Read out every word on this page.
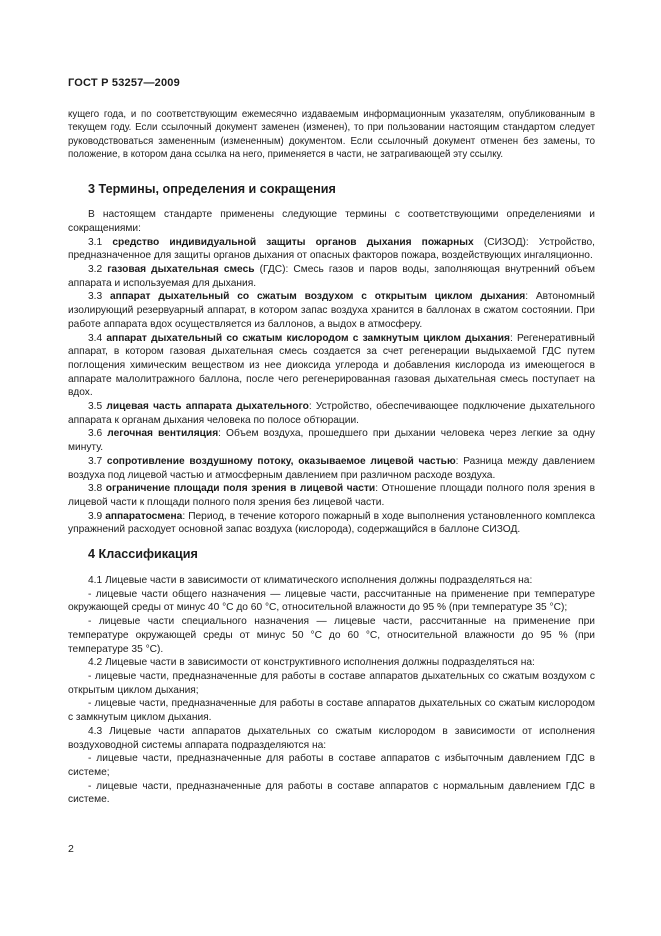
ГОСТ Р 53257—2009

кущего года, и по соответствующим ежемесячно издаваемым информационным указателям, опубликованным в текущем году. Если ссылочный документ заменен (изменен), то при пользовании настоящим стандартом следует руководствоваться замененным (измененным) документом. Если ссылочный документ отменен без замены, то положение, в котором дана ссылка на него, применяется в части, не затрагивающей эту ссылку.

3 Термины, определения и сокращения

В настоящем стандарте применены следующие термины с соответствующими определениями и сокращениями:

3.1 средство индивидуальной защиты органов дыхания пожарных (СИЗОД): Устройство, предназначенное для защиты органов дыхания от опасных факторов пожара, воздействующих ингаляционно.

3.2 газовая дыхательная смесь (ГДС): Смесь газов и паров воды, заполняющая внутренний объем аппарата и используемая для дыхания.

3.3 аппарат дыхательный со сжатым воздухом с открытым циклом дыхания: Автономный изолирующий резервуарный аппарат, в котором запас воздуха хранится в баллонах в сжатом состоянии. При работе аппарата вдох осуществляется из баллонов, а выдох в атмосферу.

3.4 аппарат дыхательный со сжатым кислородом с замкнутым циклом дыхания: Регенеративный аппарат, в котором газовая дыхательная смесь создается за счет регенерации выдыхаемой ГДС путем поглощения химическим веществом из нее диоксида углерода и добавления кислорода из имеющегося в аппарате малолитражного баллона, после чего регенерированная газовая дыхательная смесь поступает на вдох.

3.5 лицевая часть аппарата дыхательного: Устройство, обеспечивающее подключение дыхательного аппарата к органам дыхания человека по полосе обтюрации.

3.6 легочная вентиляция: Объем воздуха, прошедшего при дыхании человека через легкие за одну минуту.

3.7 сопротивление воздушному потоку, оказываемое лицевой частью: Разница между давлением воздуха под лицевой частью и атмосферным давлением при различном расходе воздуха.

3.8 ограничение площади поля зрения в лицевой части: Отношение площади полного поля зрения в лицевой части к площади полного поля зрения без лицевой части.

3.9 аппаратосмена: Период, в течение которого пожарный в ходе выполнения установленного комплекса упражнений расходует основной запас воздуха (кислорода), содержащийся в баллоне СИЗОД.

4 Классификация

4.1 Лицевые части в зависимости от климатического исполнения должны подразделяться на:

- лицевые части общего назначения — лицевые части, рассчитанные на применение при температуре окружающей среды от минус 40 °С до 60 °С, относительной влажности до 95 % (при температуре 35 °С);

- лицевые части специального назначения — лицевые части, рассчитанные на применение при температуре окружающей среды от минус 50 °С до 60 °С, относительной влажности до 95 % (при температуре 35 °С).

4.2 Лицевые части в зависимости от конструктивного исполнения должны подразделяться на:

- лицевые части, предназначенные для работы в составе аппаратов дыхательных со сжатым воздухом с открытым циклом дыхания;

- лицевые части, предназначенные для работы в составе аппаратов дыхательных со сжатым кислородом с замкнутым циклом дыхания.

4.3 Лицевые части аппаратов дыхательных со сжатым кислородом в зависимости от исполнения воздуховодной системы аппарата подразделяются на:

- лицевые части, предназначенные для работы в составе аппаратов с избыточным давлением ГДС в системе;

- лицевые части, предназначенные для работы в составе аппаратов с нормальным давлением ГДС в системе.

2
